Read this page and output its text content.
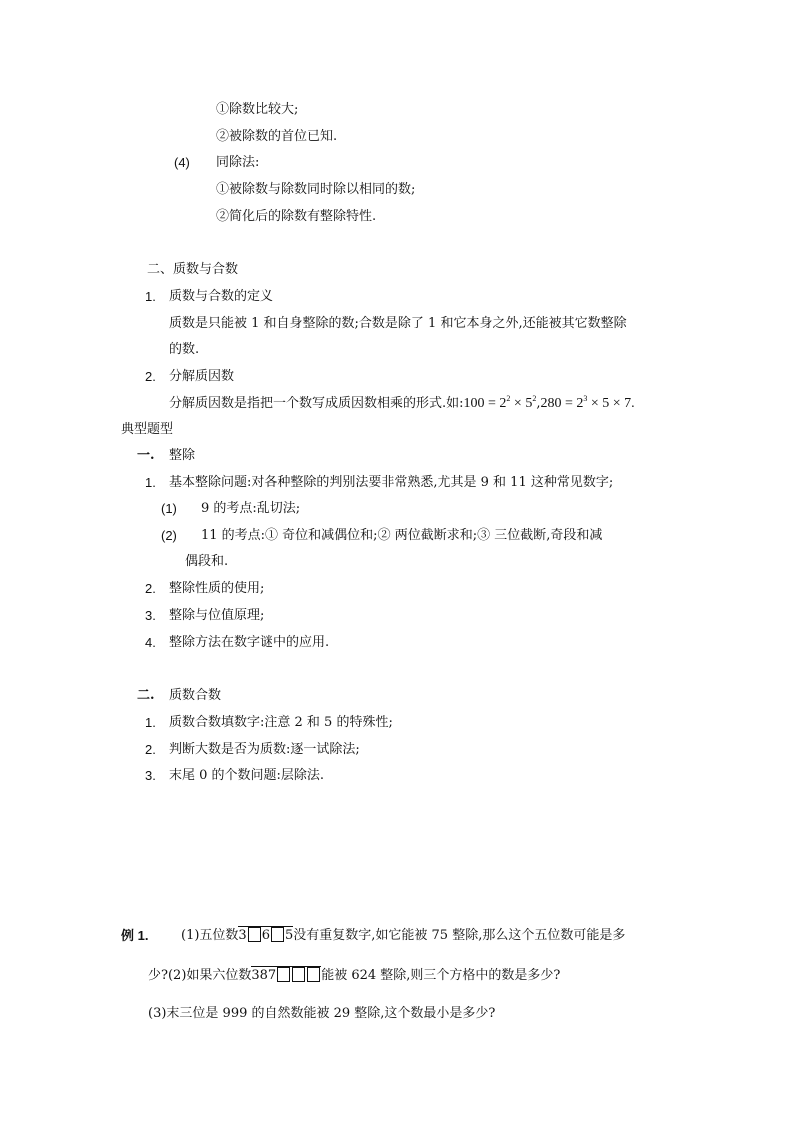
①除数比较大;
②被除数的首位已知.
(4) 同除法:
①被除数与除数同时除以相同的数;
②简化后的除数有整除特性.
二、质数与合数
1. 质数与合数的定义
质数是只能被 1 和自身整除的数;合数是除了 1 和它本身之外,还能被其它数整除
的数.
2. 分解质因数
分解质因数是指把一个数写成质因数相乘的形式.如:100 = $2^2 \times 5^2,280 = 2^3 \times 5 \times 7$.
典型题型
一. 整除
1. 基本整除问题:对各种整除的判别法要非常熟悉,尤其是 9 和 11 这种常见数字;
(1) 9 的考点:乱切法;
(2) 11 的考点:① 奇位和减偶位和;② 两位截断求和;③ 三位截断,奇段和减
偶段和.
2. 整除性质的使用;
3. 整除与位值原理;
4. 整除方法在数字谜中的应用.
二. 质数合数
1. 质数合数填数字:注意 2 和 5 的特殊性;
2. 判断大数是否为质数:逐一试除法;
3. 末尾 0 的个数问题:层除法.
例 1.	(1)五位数3 6 5没有重复数字,如它能被 75 整除,那么这个五位数可能是多
少?(2)如果六位数387	能被 624 整除,则三个方格中的数是多少?
(3)末三位是 999 的自然数能被 29 整除,这个数最小是多少?
